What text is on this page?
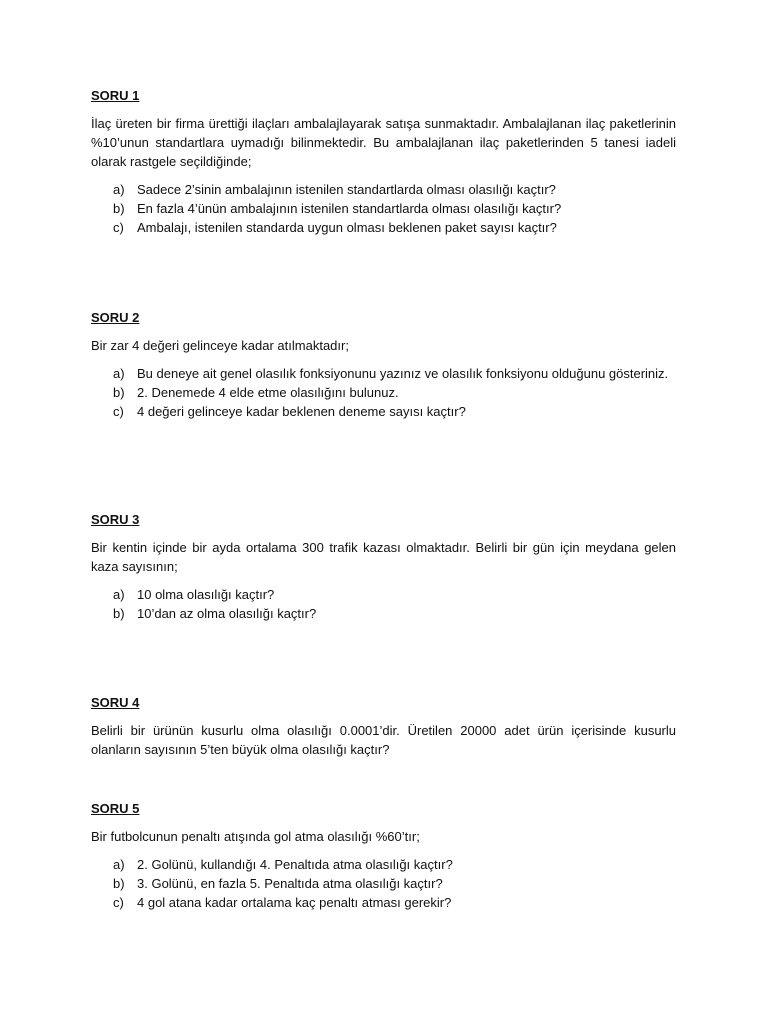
SORU 1

İlaç üreten bir firma ürettiği ilaçları ambalajlayarak satışa sunmaktadır. Ambalajlanan ilaç paketlerinin %10’unun standartlara uymadığı bilinmektedir. Bu ambalajlanan ilaç paketlerinden 5 tanesi iadeli olarak rastgele seçildiğinde;

a) Sadece 2’sinin ambalajının istenilen standartlarda olması olasılığı kaçtır?
b) En fazla 4’ünün ambalajının istenilen standartlarda olması olasılığı kaçtır?
c)	Ambalajı, istenilen standarda uygun olması beklenen paket sayısı kaçtır?

SORU 2

Bir zar 4 değeri gelinceye kadar atılmaktadır;

a) Bu deneye ait genel olasılık fonksiyonunu yazınız ve olasılık fonksiyonu olduğunu gösteriniz.
b) 2. Denemede 4 elde etme olasılığını bulunuz.
c)	4 değeri gelinceye kadar beklenen deneme sayısı kaçtır?

SORU 3

Bir kentin içinde bir ayda ortalama 300 trafik kazası olmaktadır. Belirli bir gün için meydana gelen kaza sayısının;

a) 10 olma olasılığı kaçtır?
b) 10’dan az olma olasılığı kaçtır?

SORU 4

Belirli bir ürünün kusurlu olma olasılığı 0.0001’dir. Üretilen 20000 adet ürün içerisinde kusurlu olanların sayısının 5’ten büyük olma olasılığı kaçtır?

SORU 5

Bir futbolcunun penaltı atışında gol atma olasılığı %60’tır;

a) 2. Golünü, kullandığı 4. Penaltıda atma olasılığı kaçtır?
b) 3. Golünü, en fazla 5. Penaltıda atma olasılığı kaçtır?
c)	4 gol atana kadar ortalama kaç penaltı atması gerekir?
